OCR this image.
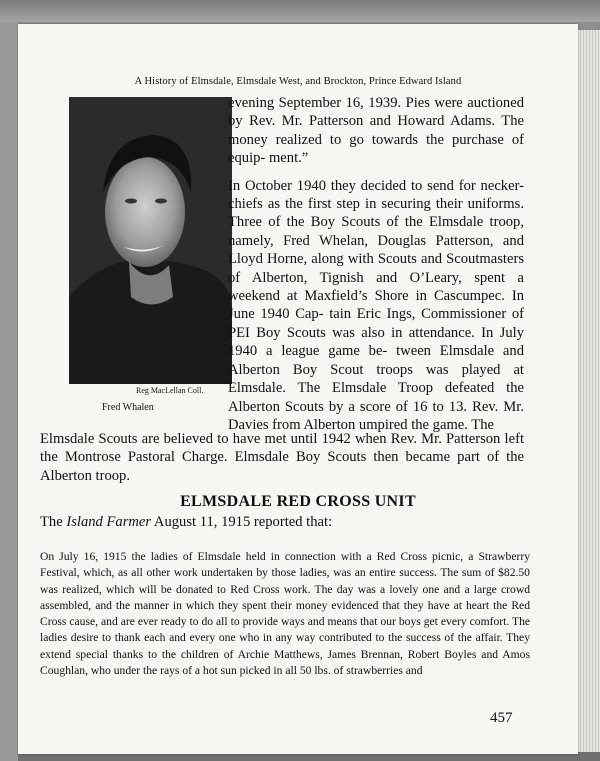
A History of Elmsdale, Elmsdale West, and Brockton, Prince Edward Island
Reg MacLellan Coll.
Fred Whalen

evening September 16, 1939. Pies were auctioned by Rev. Mr. Patterson and Howard Adams. The money realized to go towards the purchase of equip- ment.”

In October 1940 they decided to send for necker- chiefs as the first step in securing their uniforms. Three of the Boy Scouts of the Elmsdale troop, namely, Fred Whelan, Douglas Patterson, and Lloyd Horne, along with Scouts and Scoutmasters of Alberton, Tignish and O’Leary, spent a weekend at Maxfield’s Shore in Cascumpec. In June 1940 Cap- tain Eric Ings, Commissioner of PEI Boy Scouts was also in attendance. In July 1940 a league game be- tween Elmsdale and Alberton Boy Scout troops was played at Elmsdale. The Elmsdale Troop defeated the Alberton Scouts by a score of 16 to 13. Rev. Mr. Davies from Alberton umpired the game. The

Elmsdale Scouts are believed to have met until 1942 when Rev. Mr. Patterson left the Montrose Pastoral Charge. Elmsdale Boy Scouts then became part of the Alberton troop.
ELMSDALE RED CROSS UNIT
The Island Farmer August 11, 1915 reported that:
On July 16, 1915 the ladies of Elmsdale held in connection with a Red Cross picnic, a Strawberry Festival, which, as all other work undertaken by those ladies, was an entire success. The sum of $82.50 was realized, which will be donated to Red Cross work. The day was a lovely one and a large crowd assembled, and the manner in which they spent their money evidenced that they have at heart the Red Cross cause, and are ever ready to do all to provide ways and means that our boys get every comfort. The ladies desire to thank each and every one who in any way contributed to the success of the affair. They extend special thanks to the children of Archie Matthews, James Brennan, Robert Boyles and Amos Coughlan, who under the rays of a hot sun picked in all 50 lbs. of strawberries and
457
